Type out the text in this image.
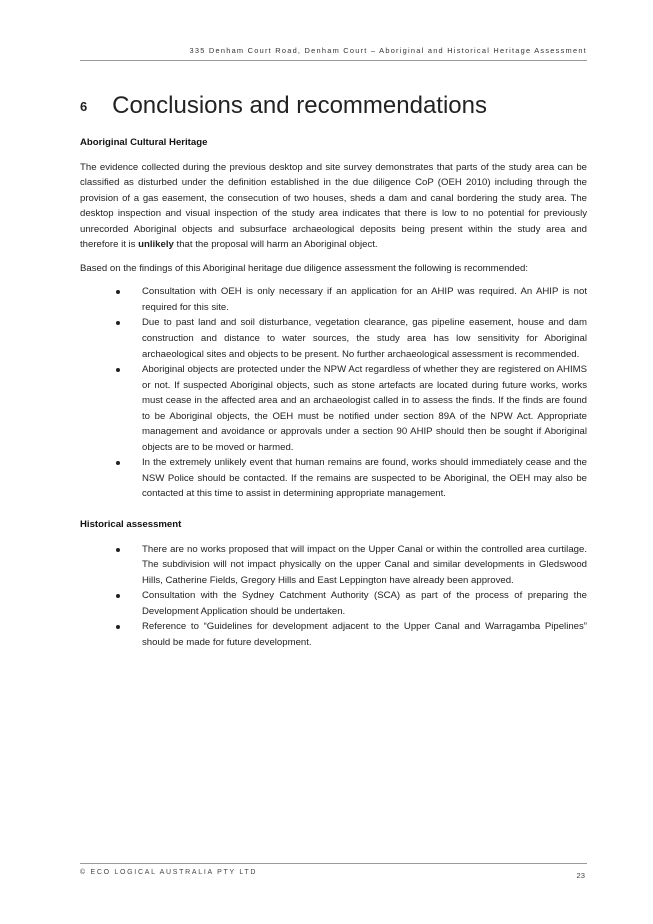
335 Denham Court Road, Denham Court – Aboriginal and Historical Heritage Assessment
6 Conclusions and recommendations
Aboriginal Cultural Heritage

The evidence collected during the previous desktop and site survey demonstrates that parts of the study area can be classified as disturbed under the definition established in the due diligence CoP (OEH 2010) including through the provision of a gas easement, the consecution of two houses, sheds a dam and canal bordering the study area. The desktop inspection and visual inspection of the study area indicates that there is low to no potential for previously unrecorded Aboriginal objects and subsurface archaeological deposits being present within the study area and therefore it is unlikely that the proposal will harm an Aboriginal object.

Based on the findings of this Aboriginal heritage due diligence assessment the following is recommended:

Consultation with OEH is only necessary if an application for an AHIP was required. An AHIP is not required for this site.
Due to past land and soil disturbance, vegetation clearance, gas pipeline easement, house and dam construction and distance to water sources, the study area has low sensitivity for Aboriginal archaeological sites and objects to be present. No further archaeological assessment is recommended.
Aboriginal objects are protected under the NPW Act regardless of whether they are registered on AHIMS or not. If suspected Aboriginal objects, such as stone artefacts are located during future works, works must cease in the affected area and an archaeologist called in to assess the finds. If the finds are found to be Aboriginal objects, the OEH must be notified under section 89A of the NPW Act. Appropriate management and avoidance or approvals under a section 90 AHIP should then be sought if Aboriginal objects are to be moved or harmed.
In the extremely unlikely event that human remains are found, works should immediately cease and the NSW Police should be contacted. If the remains are suspected to be Aboriginal, the OEH may also be contacted at this time to assist in determining appropriate management.
Historical assessment
There are no works proposed that will impact on the Upper Canal or within the controlled area curtilage. The subdivision will not impact physically on the upper Canal and similar developments in Gledswood Hills, Catherine Fields, Gregory Hills and East Leppington have already been approved.
Consultation with the Sydney Catchment Authority (SCA) as part of the process of preparing the Development Application should be undertaken.
Reference to “Guidelines for development adjacent to the Upper Canal and Warragamba Pipelines” should be made for future development.
© ECO LOGICAL AUSTRALIA PTY LTD	23
